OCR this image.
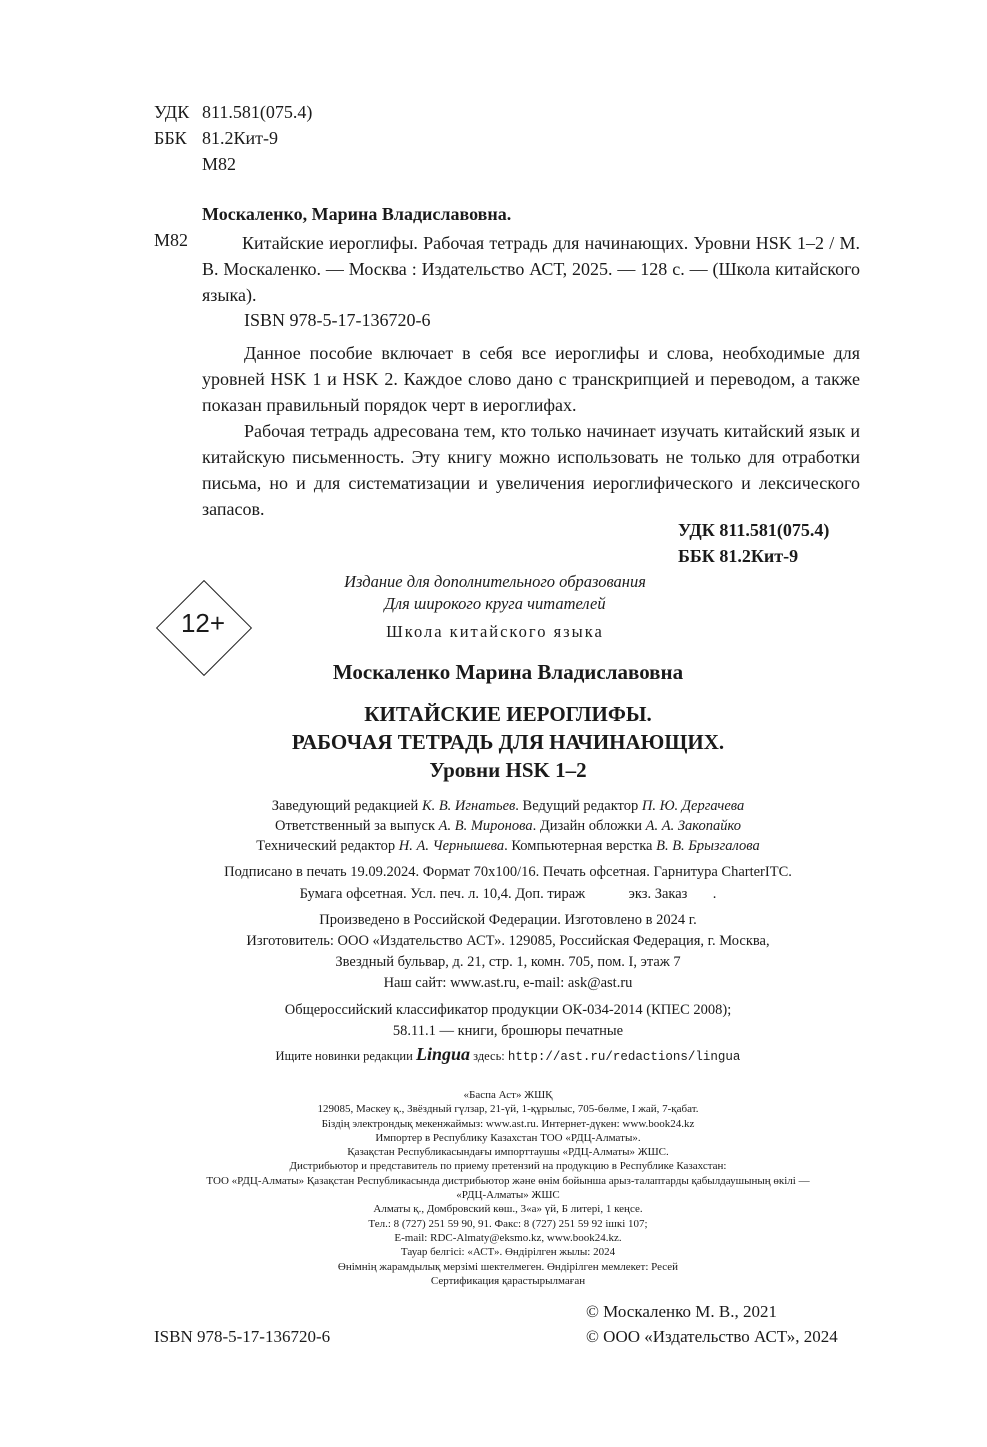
УДК 811.581(075.4)
ББК 81.2Кит-9
М82
Москаленко, Марина Владиславовна.
М82	Китайские иероглифы. Рабочая тетрадь для начинающих. Уровни HSK 1–2 / М. В. Москаленко. — Москва : Издательство АСТ, 2025. — 128 с. — (Школа китайского языка).
ISBN 978-5-17-136720-6
Данное пособие включает в себя все иероглифы и слова, необходимые для уровней HSK 1 и HSK 2. Каждое слово дано с транскрипцией и переводом, а также показан правильный порядок черт в иероглифах.
Рабочая тетрадь адресована тем, кто только начинает изучать китайский язык и китайскую письменность. Эту книгу можно использовать не только для отработки письма, но и для систематизации и увеличения иероглифического и лексического запасов.
УДК 811.581(075.4)
ББК 81.2Кит-9
12+
Издание для дополнительного образования
Для широкого круга читателей
Школа китайского языка
Москаленко Марина Владиславовна
КИТАЙСКИЕ ИЕРОГЛИФЫ.
РАБОЧАЯ ТЕТРАДЬ ДЛЯ НАЧИНАЮЩИХ.
Уровни HSK 1–2
Заведующий редакцией К. В. Игнатьев. Ведущий редактор П. Ю. Дергачева
Ответственный за выпуск А. В. Миронова. Дизайн обложки А. А. Закопайко
Технический редактор Н. А. Чернышева. Компьютерная верстка В. В. Брызгалова
Подписано в печать 19.09.2024. Формат 70x100/16. Печать офсетная. Гарнитура CharterITC.
Бумага офсетная. Усл. печ. л. 10,4. Доп. тираж            экз. Заказ       .
Произведено в Российской Федерации. Изготовлено в 2024 г.
Изготовитель: ООО «Издательство АСТ». 129085, Российская Федерация, г. Москва,
Звездный бульвар, д. 21, стр. 1, комн. 705, пом. I, этаж 7
Наш сайт: www.ast.ru, e-mail: ask@ast.ru
Общероссийский классификатор продукции ОК-034-2014 (КПЕС 2008);
58.11.1 — книги, брошюры печатные
Ищите новинки редакции Lingua здесь: http://ast.ru/redactions/lingua
«Баспа Аст» ЖШҚ
129085, Мәскеу қ., Звёздный гүлзар, 21-үй, 1-құрылыс, 705-бөлме, I жай, 7-қабат.
Біздің электрондық мекенжаймыз: www.ast.ru. Интернет-дүкен: www.book24.kz
Импортер в Республику Казахстан ТОО «РДЦ-Алматы».
Қазақстан Республикасындағы импорттаушы «РДЦ-Алматы» ЖШС.
Дистрибьютор и представитель по приему претензий на продукцию в Республике Казахстан:
ТОО «РДЦ-Алматы» Қазақстан Республикасында дистрибьютор және өнім бойынша арыз-талаптарды қабылдаушының өкілі —
«РДЦ-Алматы» ЖШС
Алматы қ., Домбровский көш., 3«а» үй, Б литері, 1 кеңсе.
Тел.: 8 (727) 251 59 90, 91. Факс: 8 (727) 251 59 92 ішкі 107;
E-mail: RDC-Almaty@eksmo.kz, www.book24.kz.
Тауар белгісі: «АСТ». Өндірілген жылы: 2024
Өнімнің жарамдылық мерзімі шектелмеген. Өндірілген мемлекет: Ресей
Сертификация қарастырылмаған
© Москаленко М. В., 2021
ISBN 978-5-17-136720-6	© ООО «Издательство АСТ», 2024
